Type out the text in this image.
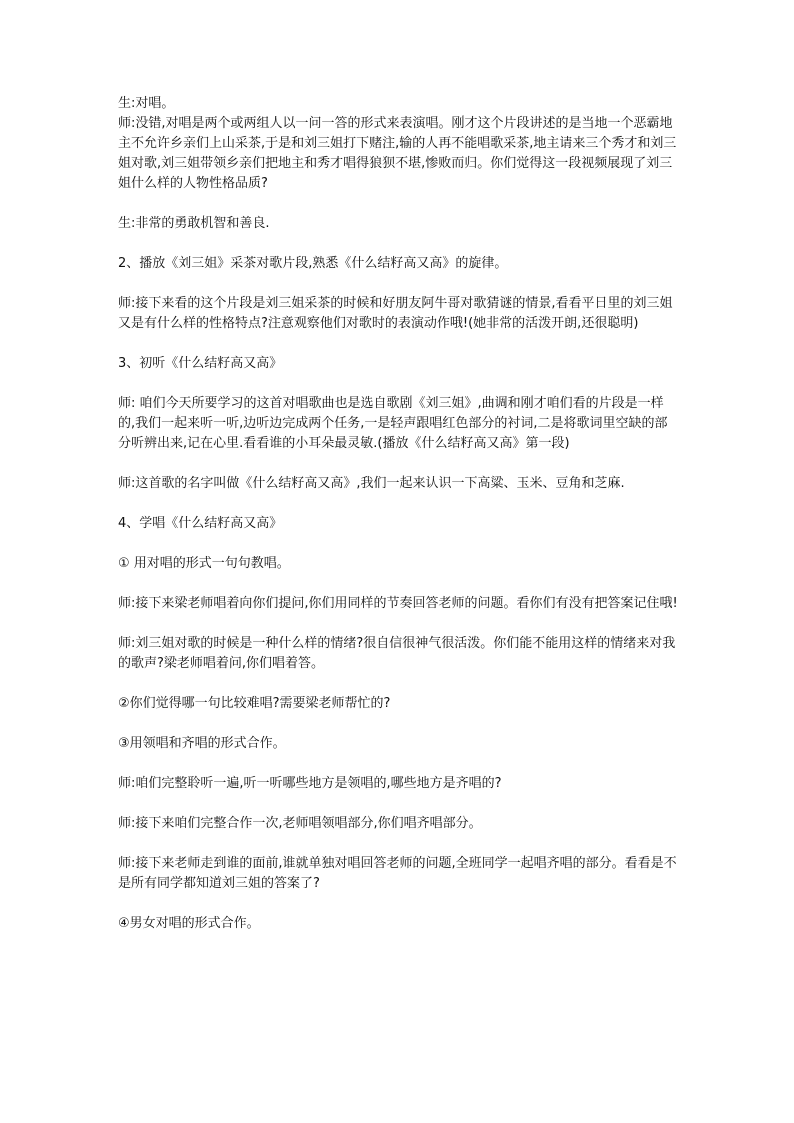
生:对唱。

师:没错,对唱是两个或两组人以一问一答的形式来表演唱。刚才这个片段讲述的是当地一个恶霸地主不允许乡亲们上山采茶,于是和刘三姐打下赌注,输的人再不能唱歌采茶,地主请来三个秀才和刘三姐对歌,刘三姐带领乡亲们把地主和秀才唱得狼狈不堪,惨败而归。你们觉得这一段视频展现了刘三姐什么样的人物性格品质?

生:非常的勇敢机智和善良.

2、播放《刘三姐》采茶对歌片段,熟悉《什么结籽高又高》的旋律。

师:接下来看的这个片段是刘三姐采茶的时候和好朋友阿牛哥对歌猜谜的情景,看看平日里的刘三姐又是有什么样的性格特点?注意观察他们对歌时的表演动作哦!(她非常的活泼开朗,还很聪明)

3、初听《什么结籽高又高》

师: 咱们今天所要学习的这首对唱歌曲也是选自歌剧《刘三姐》,曲调和刚才咱们看的片段是一样的,我们一起来听一听,边听边完成两个任务,一是轻声跟唱红色部分的衬词,二是将歌词里空缺的部分听辨出来,记在心里.看看谁的小耳朵最灵敏.(播放《什么结籽高又高》第一段)

师:这首歌的名字叫做《什么结籽高又高》,我们一起来认识一下高粱、玉米、豆角和芝麻.

4、学唱《什么结籽高又高》

① 用对唱的形式一句句教唱。

师:接下来梁老师唱着向你们提问,你们用同样的节奏回答老师的问题。看你们有没有把答案记住哦!

师:刘三姐对歌的时候是一种什么样的情绪?很自信很神气很活泼。你们能不能用这样的情绪来对我的歌声?梁老师唱着问,你们唱着答。

②你们觉得哪一句比较难唱?需要梁老师帮忙的?

③用领唱和齐唱的形式合作。

师:咱们完整聆听一遍,听一听哪些地方是领唱的,哪些地方是齐唱的?

师:接下来咱们完整合作一次,老师唱领唱部分,你们唱齐唱部分。

师:接下来老师走到谁的面前,谁就单独对唱回答老师的问题,全班同学一起唱齐唱的部分。看看是不是所有同学都知道刘三姐的答案了?

④男女对唱的形式合作。
